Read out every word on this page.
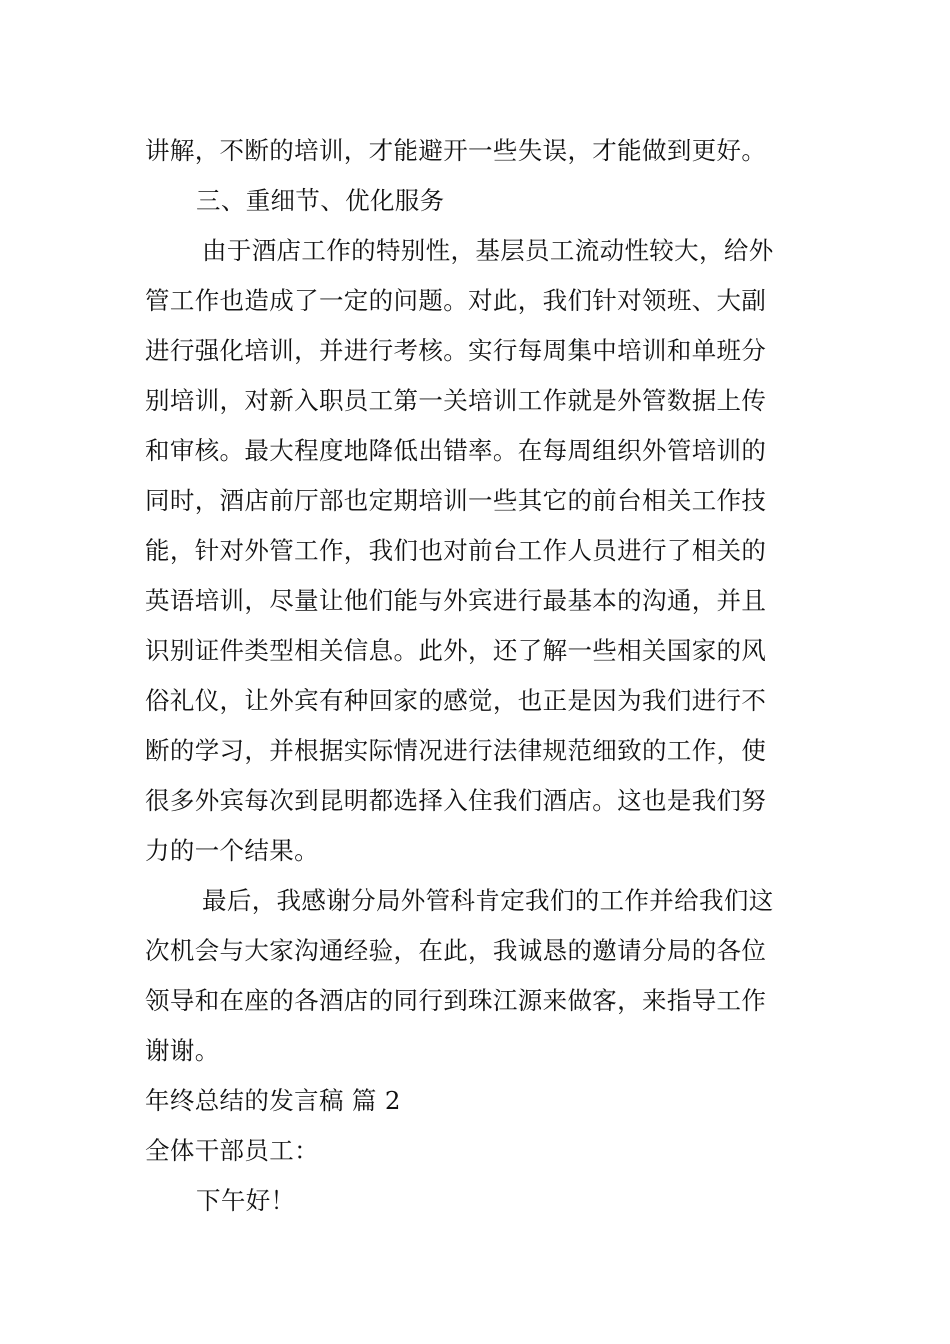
讲解，不断的培训，才能避开一些失误，才能做到更好。
三、重细节、优化服务
由于酒店工作的特别性，基层员工流动性较大，给外
管工作也造成了一定的问题。对此，我们针对领班、大副
进行强化培训，并进行考核。实行每周集中培训和单班分
别培训，对新入职员工第一关培训工作就是外管数据上传
和审核。最大程度地降低出错率。在每周组织外管培训的
同时，酒店前厅部也定期培训一些其它的前台相关工作技
能，针对外管工作，我们也对前台工作人员进行了相关的
英语培训，尽量让他们能与外宾进行最基本的沟通，并且
识别证件类型相关信息。此外，还了解一些相关国家的风
俗礼仪，让外宾有种回家的感觉，也正是因为我们进行不
断的学习，并根据实际情况进行法律规范细致的工作，使
很多外宾每次到昆明都选择入住我们酒店。这也是我们努
力的一个结果。
最后，我感谢分局外管科肯定我们的工作并给我们这
次机会与大家沟通经验，在此，我诚恳的邀请分局的各位
领导和在座的各酒店的同行到珠江源来做客，来指导工作
谢谢。
年终总结的发言稿 篇 2
全体干部员工：
下午好！
